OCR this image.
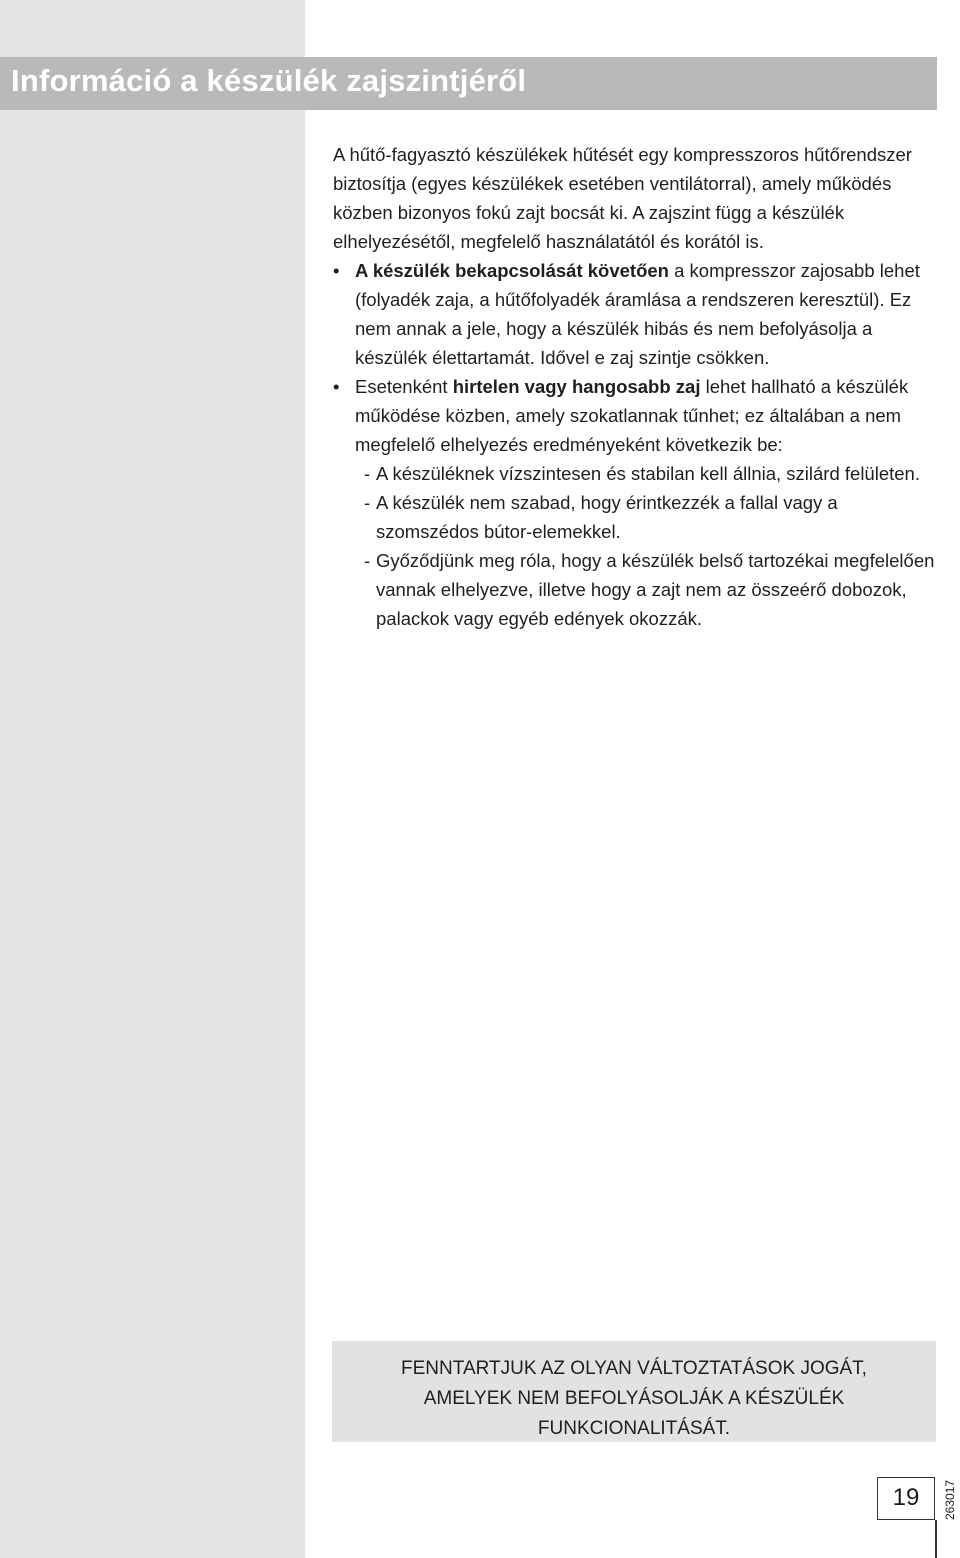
Információ a készülék zajszintjéről

A hűtő-fagyasztó készülékek hűtését egy kompresszoros hűtőrendszer biztosítja (egyes készülékek esetében ventilátorral), amely működés közben bizonyos fokú zajt bocsát ki. A zajszint függ a készülék elhelyezésétől, megfelelő használatától és korától is.

• A készülék bekapcsolását követően a kompresszor zajosabb lehet (folyadék zaja, a hűtőfolyadék áramlása a rendszeren keresztül). Ez nem annak a jele, hogy a készülék hibás és nem befolyásolja a készülék élettartamát. Idővel e zaj szintje csökken.

• Esetenként hirtelen vagy hangosabb zaj lehet hallható a készülék működése közben, amely szokatlannak tűnhet; ez általában a nem megfelelő elhelyezés eredményeként következik be:

- A készüléknek vízszintesen és stabilan kell állnia, szilárd felületen.

- A készülék nem szabad, hogy érintkezzék a fallal vagy a szomszédos bútor-elemekkel.

- Győződjünk meg róla, hogy a készülék belső tartozékai megfelelően vannak elhelyezve, illetve hogy a zajt nem az összeérő dobozok, palackok vagy egyéb edények okozzák.

FENNTARTJUK AZ OLYAN VÁLTOZTATÁSOK JOGÁT,
AMELYEK NEM BEFOLYÁSOLJÁK A KÉSZÜLÉK
FUNKCIONALITÁSÁT.
263017
19
